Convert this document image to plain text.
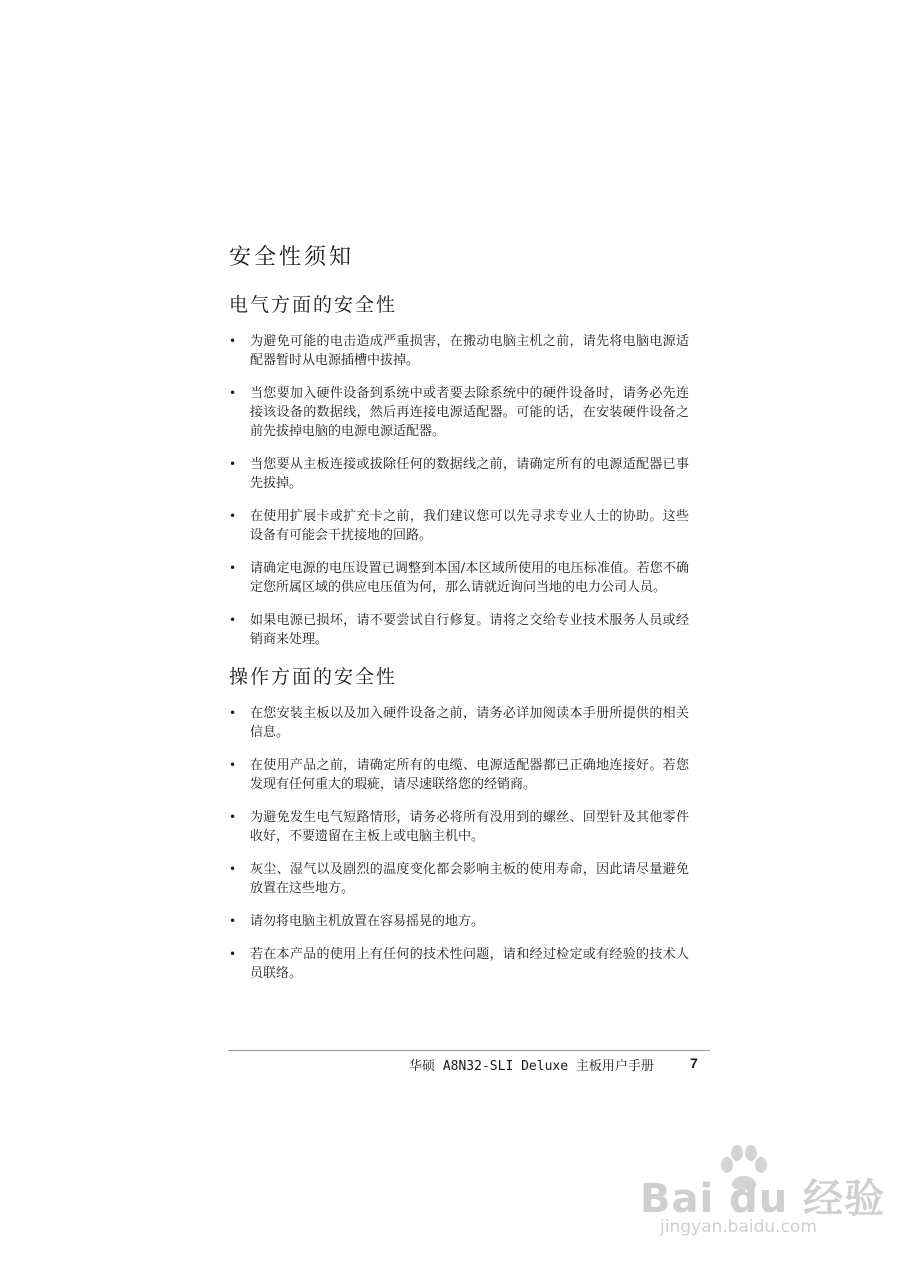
安全性须知
电气方面的安全性
• 为避免可能的电击造成严重损害，在搬动电脑主机之前，请先将电脑电源适配器暂时从电源插槽中拔掉。
• 当您要加入硬件设备到系统中或者要去除系统中的硬件设备时，请务必先连接该设备的数据线，然后再连接电源适配器。可能的话，在安装硬件设备之前先拔掉电脑的电源电源适配器。
• 当您要从主板连接或拔除任何的数据线之前，请确定所有的电源适配器已事先拔掉。
• 在使用扩展卡或扩充卡之前，我们建议您可以先寻求专业人士的协助。这些设备有可能会干扰接地的回路。
• 请确定电源的电压设置已调整到本国/本区域所使用的电压标准值。若您不确定您所属区域的供应电压值为何，那么请就近询问当地的电力公司人员。
• 如果电源已损坏，请不要尝试自行修复。请将之交给专业技术服务人员或经销商来处理。
操作方面的安全性
• 在您安装主板以及加入硬件设备之前，请务必详加阅读本手册所提供的相关信息。
• 在使用产品之前，请确定所有的电缆、电源适配器都已正确地连接好。若您发现有任何重大的瑕疵，请尽速联络您的经销商。
• 为避免发生电气短路情形，请务必将所有没用到的螺丝、回型针及其他零件收好，不要遗留在主板上或电脑主机中。
• 灰尘、湿气以及剧烈的温度变化都会影响主板的使用寿命，因此请尽量避免放置在这些地方。
• 请勿将电脑主机放置在容易摇晃的地方。
• 若在本产品的使用上有任何的技术性问题，请和经过检定或有经验的技术人员联络。
华硕 A8N32-SLI Deluxe 主板用户手册	7
Bai du 经验
jingyan.baidu.com
